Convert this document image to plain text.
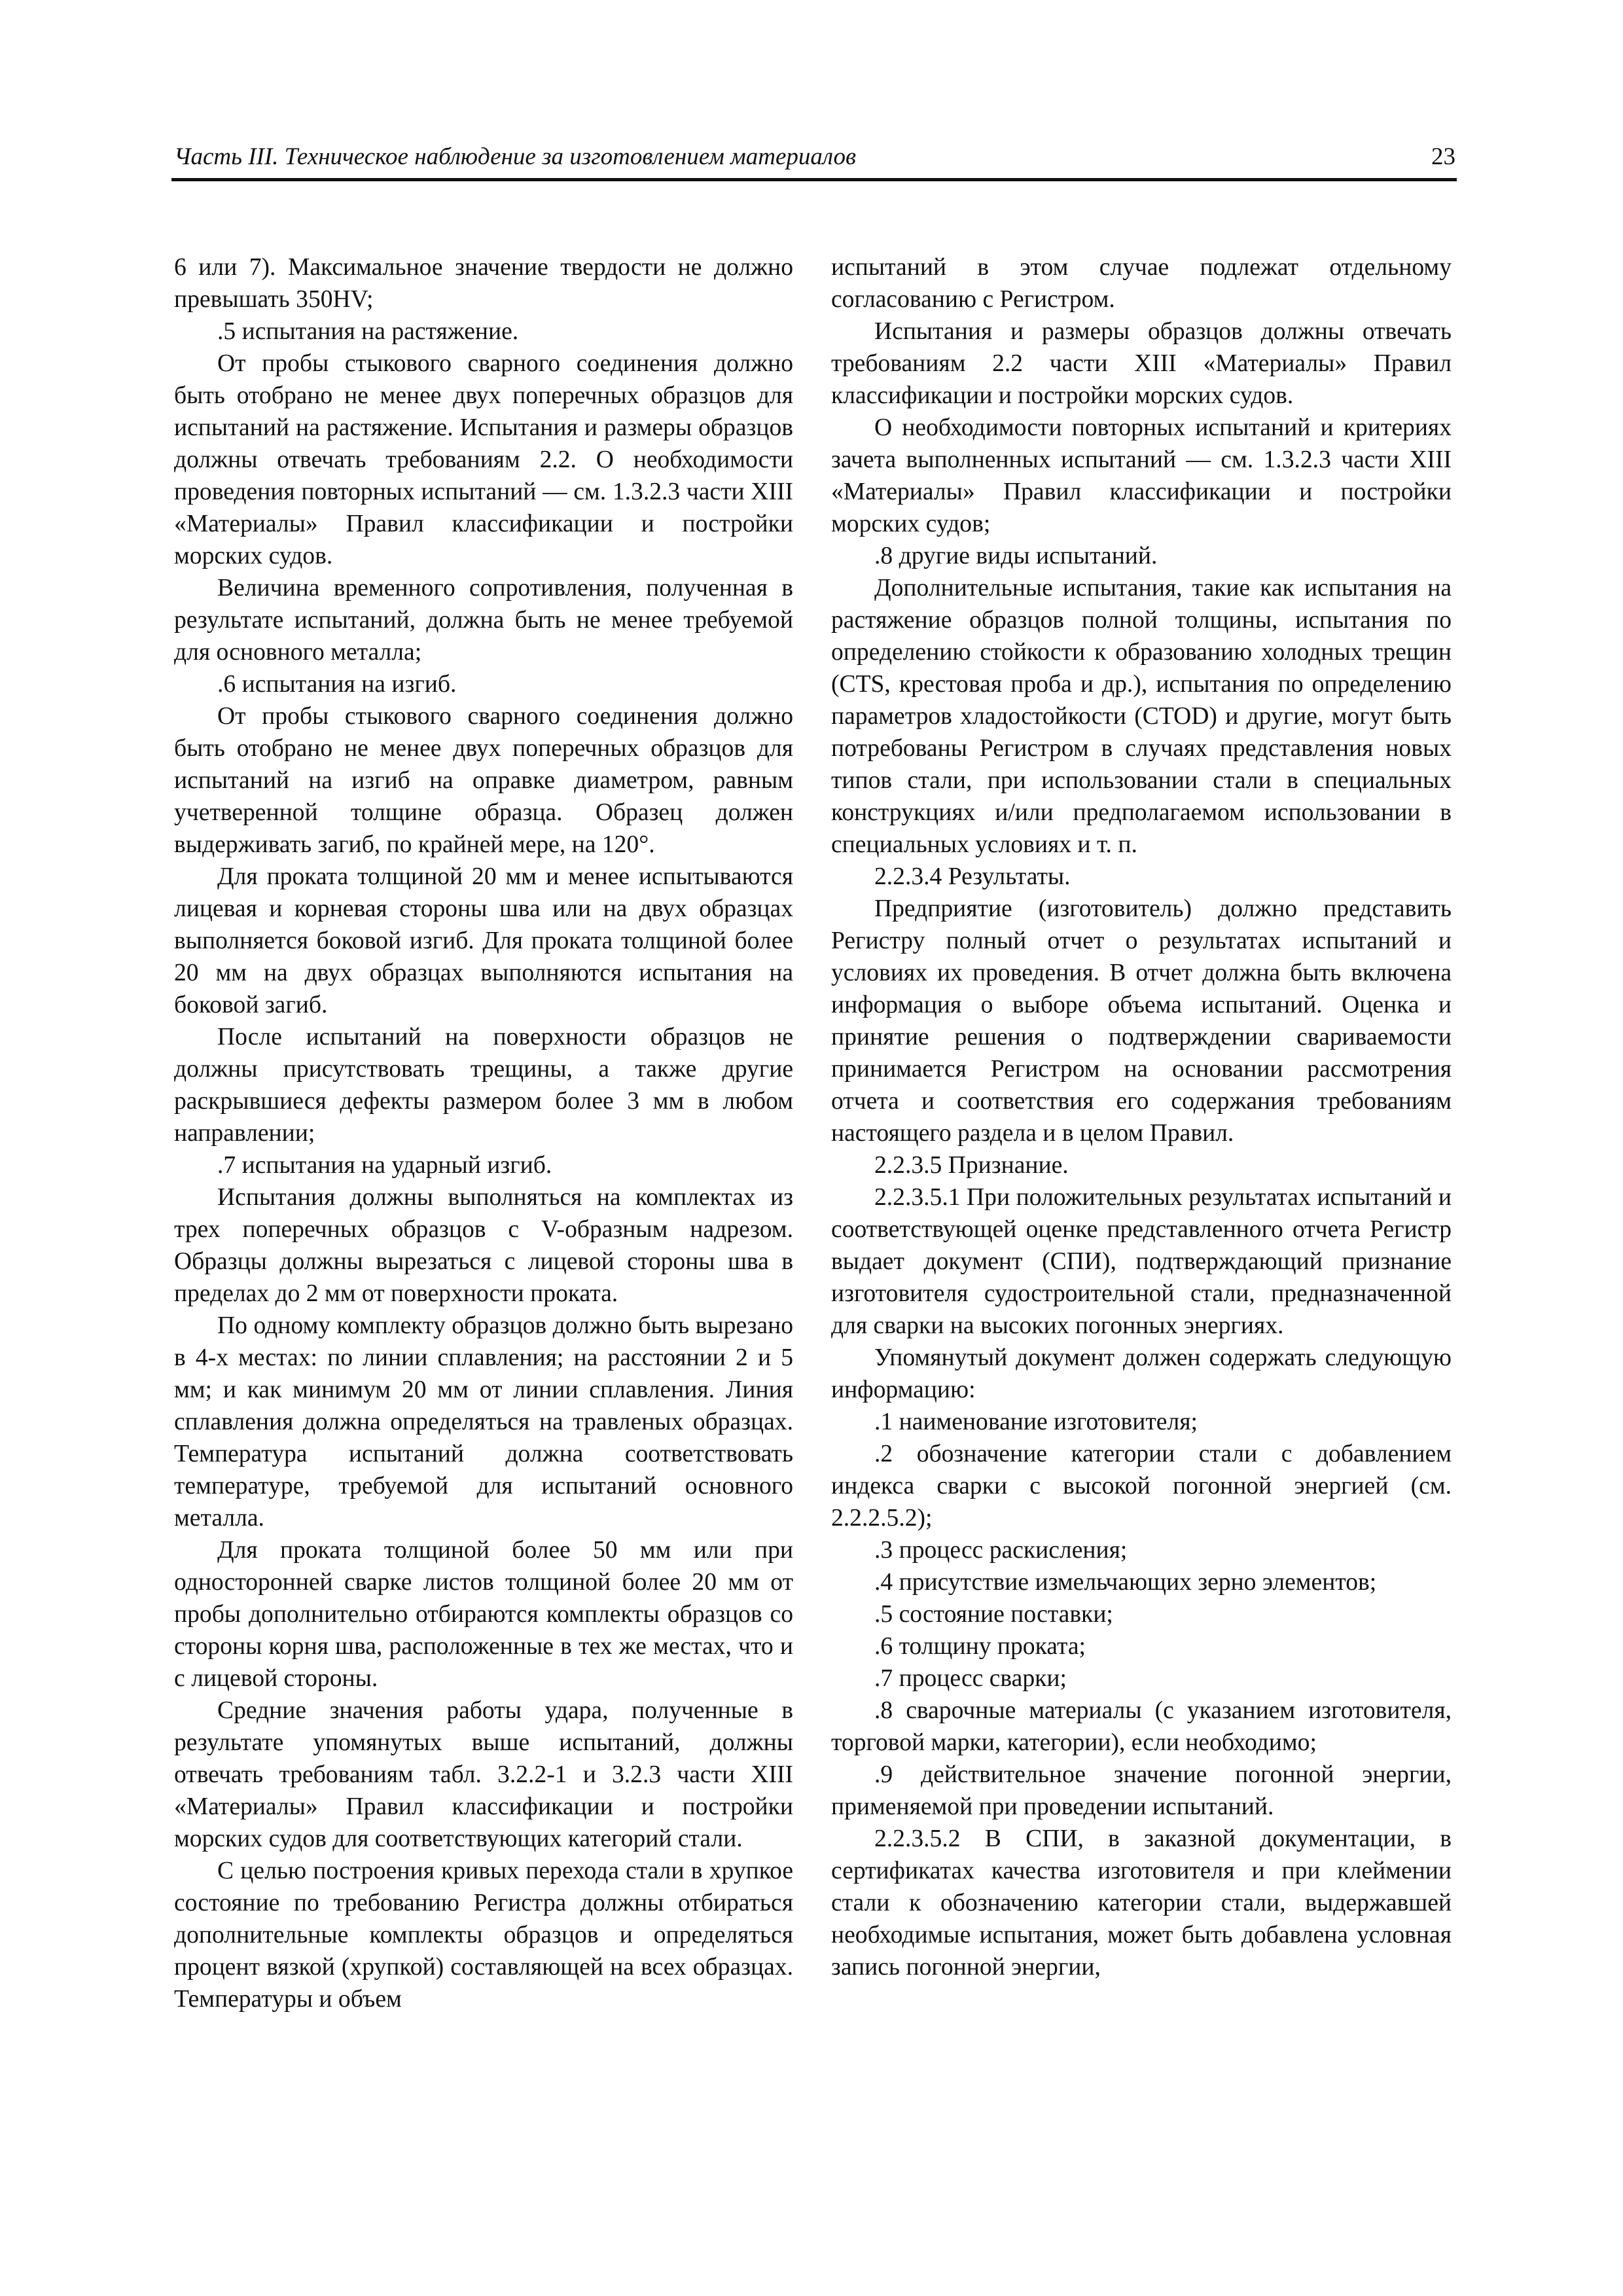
Часть III. Техническое наблюдение за изготовлением материалов	23

6 или 7). Максимальное значение твердости не должно превышать 350HV;

.5 испытания на растяжение.

От пробы стыкового сварного соединения должно быть отобрано не менее двух поперечных образцов для испытаний на растяжение. Испытания и размеры образцов должны отвечать требованиям 2.2. О необходимости проведения повторных испытаний — см. 1.3.2.3 части XIII «Материалы» Правил классификации и постройки морских судов.

Величина временного сопротивления, полученная в результате испытаний, должна быть не менее требуемой для основного металла;

.6 испытания на изгиб.

От пробы стыкового сварного соединения должно быть отобрано не менее двух поперечных образцов для испытаний на изгиб на оправке диаметром, равным учетверенной толщине образца. Образец должен выдерживать загиб, по крайней мере, на 120°.

Для проката толщиной 20 мм и менее испытываются лицевая и корневая стороны шва или на двух образцах выполняется боковой изгиб. Для проката толщиной более 20 мм на двух образцах выполняются испытания на боковой загиб.

После испытаний на поверхности образцов не должны присутствовать трещины, а также другие раскрывшиеся дефекты размером более 3 мм в любом направлении;

.7 испытания на ударный изгиб.

Испытания должны выполняться на комплектах из трех поперечных образцов с V-образным надрезом. Образцы должны вырезаться с лицевой стороны шва в пределах до 2 мм от поверхности проката.

По одному комплекту образцов должно быть вырезано в 4-х местах: по линии сплавления; на расстоянии 2 и 5 мм; и как минимум 20 мм от линии сплавления. Линия сплавления должна определяться на травленых образцах. Температура испытаний должна соответствовать температуре, требуемой для испытаний основного металла.

Для проката толщиной более 50 мм или при односторонней сварке листов толщиной более 20 мм от пробы дополнительно отбираются комплекты образцов со стороны корня шва, расположенные в тех же местах, что и с лицевой стороны.

Средние значения работы удара, полученные в результате упомянутых выше испытаний, должны отвечать требованиям табл. 3.2.2-1 и 3.2.3 части XIII «Материалы» Правил классификации и постройки морских судов для соответствующих категорий стали.

С целью построения кривых перехода стали в хрупкое состояние по требованию Регистра должны отбираться дополнительные комплекты образцов и определяться процент вязкой (хрупкой) составляющей на всех образцах. Температуры и объем

испытаний в этом случае подлежат отдельному согласованию с Регистром.

Испытания и размеры образцов должны отвечать требованиям 2.2 части XIII «Материалы» Правил классификации и постройки морских судов.

О необходимости повторных испытаний и критериях зачета выполненных испытаний — см. 1.3.2.3 части XIII «Материалы» Правил классификации и постройки морских судов;

.8 другие виды испытаний.

Дополнительные испытания, такие как испытания на растяжение образцов полной толщины, испытания по определению стойкости к образованию холодных трещин (CTS, крестовая проба и др.), испытания по определению параметров хладостойкости (CTOD) и другие, могут быть потребованы Регистром в случаях представления новых типов стали, при использовании стали в специальных конструкциях и/или предполагаемом использовании в специальных условиях и т. п.

2.2.3.4 Результаты.

Предприятие (изготовитель) должно представить Регистру полный отчет о результатах испытаний и условиях их проведения. В отчет должна быть включена информация о выборе объема испытаний. Оценка и принятие решения о подтверждении свариваемости принимается Регистром на основании рассмотрения отчета и соответствия его содержания требованиям настоящего раздела и в целом Правил.

2.2.3.5 Признание.

2.2.3.5.1 При положительных результатах испытаний и соответствующей оценке представленного отчета Регистр выдает документ (СПИ), подтверждающий признание изготовителя судостроительной стали, предназначенной для сварки на высоких погонных энергиях.

Упомянутый документ должен содержать следующую информацию:

.1 наименование изготовителя;

.2 обозначение категории стали с добавлением индекса сварки с высокой погонной энергией (см. 2.2.2.5.2);

.3 процесс раскисления;

.4 присутствие измельчающих зерно элементов;

.5 состояние поставки;

.6 толщину проката;

.7 процесс сварки;

.8 сварочные материалы (с указанием изготовителя, торговой марки, категории), если необходимо;

.9 действительное значение погонной энергии, применяемой при проведении испытаний.

2.2.3.5.2 В СПИ, в заказной документации, в сертификатах качества изготовителя и при клеймении стали к обозначению категории стали, выдержавшей необходимые испытания, может быть добавлена условная запись погонной энергии,
